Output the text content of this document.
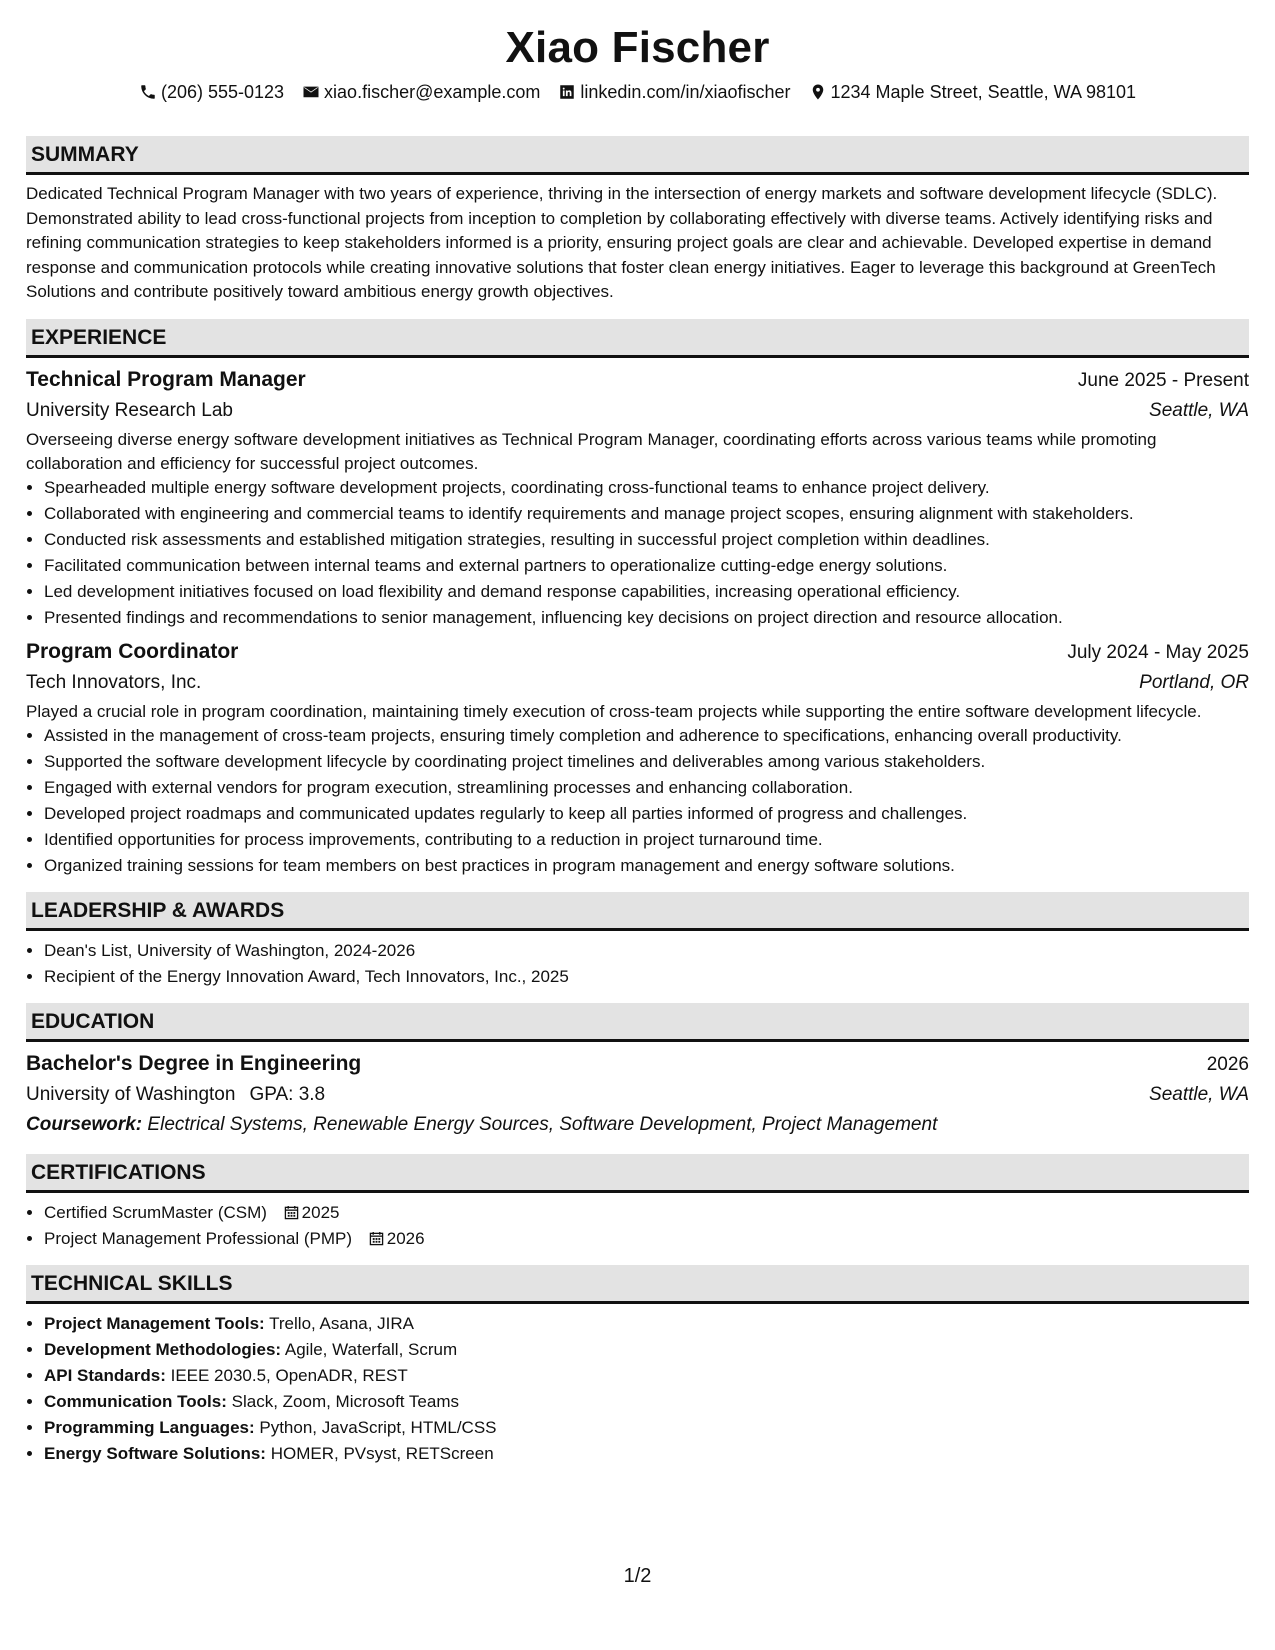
Xiao Fischer
(206) 555-0123 xiao.fischer@example.com linkedin.com/in/xiaofischer 1234 Maple Street, Seattle, WA 98101
SUMMARY
Dedicated Technical Program Manager with two years of experience, thriving in the intersection of energy markets and software development lifecycle (SDLC). Demonstrated ability to lead cross-functional projects from inception to completion by collaborating effectively with diverse teams. Actively identifying risks and refining communication strategies to keep stakeholders informed is a priority, ensuring project goals are clear and achievable. Developed expertise in demand response and communication protocols while creating innovative solutions that foster clean energy initiatives. Eager to leverage this background at GreenTech Solutions and contribute positively toward ambitious energy growth objectives.
EXPERIENCE
Technical Program Manager	June 2025 - Present
University Research Lab	Seattle, WA
Overseeing diverse energy software development initiatives as Technical Program Manager, coordinating efforts across various teams while promoting collaboration and efficiency for successful project outcomes.
• Spearheaded multiple energy software development projects, coordinating cross-functional teams to enhance project delivery.
• Collaborated with engineering and commercial teams to identify requirements and manage project scopes, ensuring alignment with stakeholders.
• Conducted risk assessments and established mitigation strategies, resulting in successful project completion within deadlines.
• Facilitated communication between internal teams and external partners to operationalize cutting-edge energy solutions.
• Led development initiatives focused on load flexibility and demand response capabilities, increasing operational efficiency.
• Presented findings and recommendations to senior management, influencing key decisions on project direction and resource allocation.
Program Coordinator	July 2024 - May 2025
Tech Innovators, Inc.	Portland, OR
Played a crucial role in program coordination, maintaining timely execution of cross-team projects while supporting the entire software development lifecycle.
• Assisted in the management of cross-team projects, ensuring timely completion and adherence to specifications, enhancing overall productivity.
• Supported the software development lifecycle by coordinating project timelines and deliverables among various stakeholders.
• Engaged with external vendors for program execution, streamlining processes and enhancing collaboration.
• Developed project roadmaps and communicated updates regularly to keep all parties informed of progress and challenges.
• Identified opportunities for process improvements, contributing to a reduction in project turnaround time.
• Organized training sessions for team members on best practices in program management and energy software solutions.
LEADERSHIP & AWARDS
• Dean's List, University of Washington, 2024-2026
• Recipient of the Energy Innovation Award, Tech Innovators, Inc., 2025
EDUCATION
Bachelor's Degree in Engineering	2026
University of Washington GPA: 3.8	Seattle, WA
Coursework: Electrical Systems, Renewable Energy Sources, Software Development, Project Management
CERTIFICATIONS
• Certified ScrumMaster (CSM) 2025
• Project Management Professional (PMP) 2026
TECHNICAL SKILLS
• Project Management Tools: Trello, Asana, JIRA
• Development Methodologies: Agile, Waterfall, Scrum
• API Standards: IEEE 2030.5, OpenADR, REST
• Communication Tools: Slack, Zoom, Microsoft Teams
• Programming Languages: Python, JavaScript, HTML/CSS
• Energy Software Solutions: HOMER, PVsyst, RETScreen
1/2
